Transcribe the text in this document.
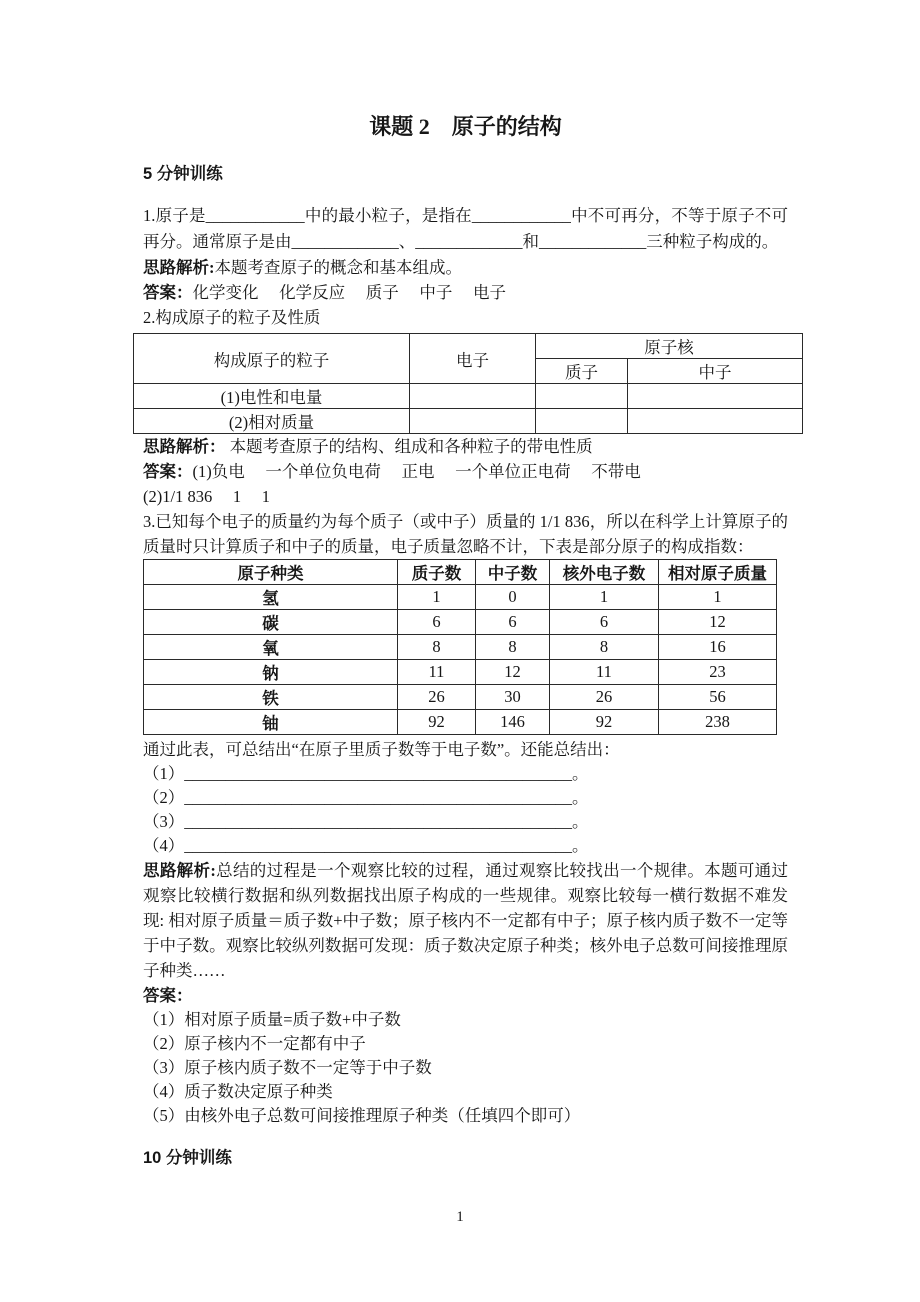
课题 2　原子的结构
5 分钟训练
1.原子是____________中的最小粒子，是指在____________中不可再分，不等于原子不可再分。通常原子是由_____________、_____________和_____________三种粒子构成的。
思路解析:本题考查原子的概念和基本组成。
答案：化学变化　 化学反应　 质子　 中子　 电子
2.构成原子的粒子及性质
构成原子的粒子	电子	原子核	
		质子	中子
(1)电性和电量			
(2)相对质量			
思路解析： 本题考查原子的结构、组成和各种粒子的带电性质
答案：(1)负电　 一个单位负电荷　 正电　 一个单位正电荷　 不带电
(2)1/1 836　 1　 1
3.已知每个电子的质量约为每个质子（或中子）质量的 1/1 836，所以在科学上计算原子的质量时只计算质子和中子的质量，电子质量忽略不计，下表是部分原子的构成指数：
原子种类	质子数	中子数	核外电子数	相对原子质量
氢	1	0	1	1
碳	6	6	6	12
氧	8	8	8	16
钠	11	12	11	23
铁	26	30	26	56
铀	92	146	92	238
通过此表，可总结出“在原子里质子数等于电子数”。还能总结出：
（1）_______________________________________________。
（2）_______________________________________________。
（3）_______________________________________________。
（4）_______________________________________________。
思路解析:总结的过程是一个观察比较的过程，通过观察比较找出一个规律。本题可通过观察比较横行数据和纵列数据找出原子构成的一些规律。观察比较每一横行数据不难发现: 相对原子质量＝质子数+中子数；原子核内不一定都有中子；原子核内质子数不一定等于中子数。观察比较纵列数据可发现：质子数决定原子种类；核外电子总数可间接推理原子种类……
答案：
（1）相对原子质量=质子数+中子数
（2）原子核内不一定都有中子
（3）原子核内质子数不一定等于中子数
（4）质子数决定原子种类
（5）由核外电子总数可间接推理原子种类（任填四个即可）
10 分钟训练
1
